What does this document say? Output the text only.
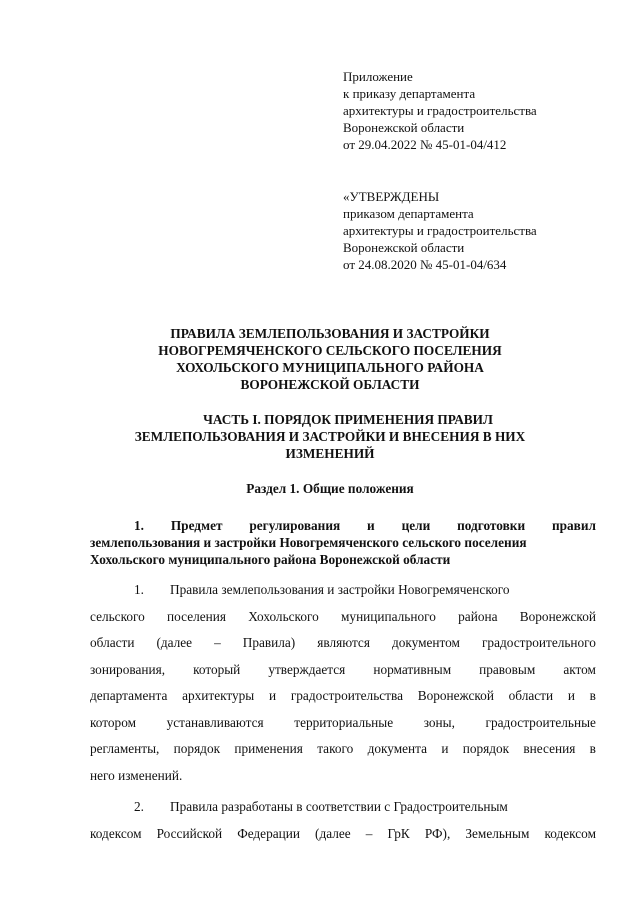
Приложение
к приказу департамента
архитектуры и градостроительства
Воронежской области
от 29.04.2022 № 45-01-04/412
«УТВЕРЖДЕНЫ
приказом департамента
архитектуры и градостроительства
Воронежской области
от 24.08.2020 № 45-01-04/634
ПРАВИЛА ЗЕМЛЕПОЛЬЗОВАНИЯ И ЗАСТРОЙКИ
НОВОГРЕМЯЧЕНСКОГО СЕЛЬСКОГО ПОСЕЛЕНИЯ
ХОХОЛЬСКОГО МУНИЦИПАЛЬНОГО РАЙОНА
ВОРОНЕЖСКОЙ ОБЛАСТИ
ЧАСТЬ I. ПОРЯДОК ПРИМЕНЕНИЯ ПРАВИЛ
ЗЕМЛЕПОЛЬЗОВАНИЯ И ЗАСТРОЙКИ И ВНЕСЕНИЯ В НИХ
ИЗМЕНЕНИЙ
Раздел 1. Общие положения
1. Предмет регулирования и цели подготовки правил
землепользования и застройки Новогремяченского сельского поселения
Хохольского муниципального района Воронежской области
1. Правила землепользования и застройки Новогремяченского
сельского поселения Хохольского муниципального района Воронежской
области (далее – Правила) являются документом градостроительного
зонирования, который утверждается нормативным правовым актом
департамента архитектуры и градостроительства Воронежской области и в
котором устанавливаются территориальные зоны, градостроительные
регламенты, порядок применения такого документа и порядок внесения в
него изменений.
2. Правила разработаны в соответствии с Градостроительным
кодексом Российской Федерации (далее – ГрК РФ), Земельным кодексом
